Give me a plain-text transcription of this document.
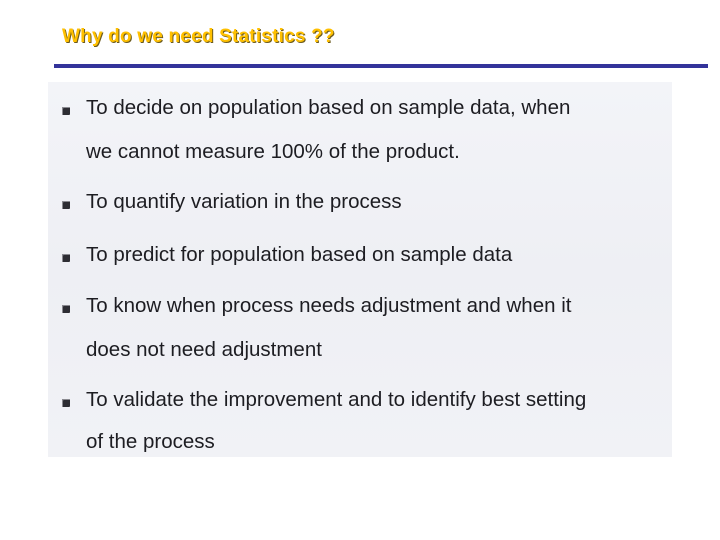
Why do we need Statistics ??
To decide on population based on sample data, when
we cannot measure 100% of the product.
To quantify variation in the process
To predict for population based on sample data
To know when process needs adjustment and when it
does not need adjustment
To validate the improvement and to identify best setting
of the process
